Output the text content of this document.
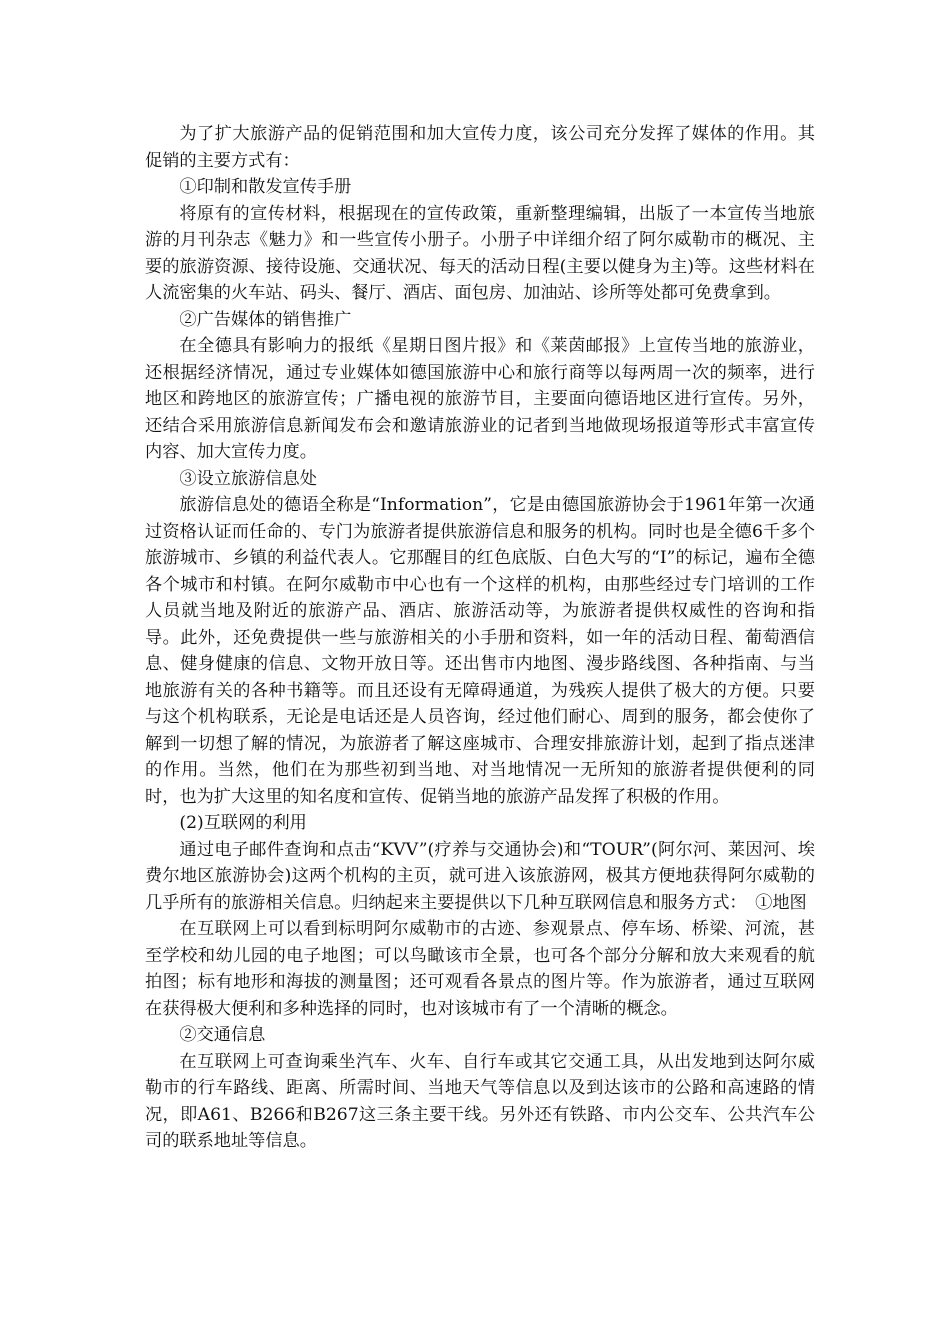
为了扩大旅游产品的促销范围和加大宣传力度，该公司充分发挥了媒体的作用。其促销的主要方式有：

①印制和散发宣传手册

将原有的宣传材料，根据现在的宣传政策，重新整理编辑，出版了一本宣传当地旅游的月刊杂志《魅力》和一些宣传小册子。小册子中详细介绍了阿尔威勒市的概况、主要的旅游资源、接待设施、交通状况、每天的活动日程(主要以健身为主)等。这些材料在人流密集的火车站、码头、餐厅、酒店、面包房、加油站、诊所等处都可免费拿到。

②广告媒体的销售推广

在全德具有影响力的报纸《星期日图片报》和《莱茵邮报》上宣传当地的旅游业，还根据经济情况，通过专业媒体如德国旅游中心和旅行商等以每两周一次的频率，进行地区和跨地区的旅游宣传；广播电视的旅游节目，主要面向德语地区进行宣传。另外，还结合采用旅游信息新闻发布会和邀请旅游业的记者到当地做现场报道等形式丰富宣传内容、加大宣传力度。

③设立旅游信息处

旅游信息处的德语全称是“Information”，它是由德国旅游协会于1961年第一次通过资格认证而任命的、专门为旅游者提供旅游信息和服务的机构。同时也是全德6千多个旅游城市、乡镇的利益代表人。它那醒目的红色底版、白色大写的“I”的标记，遍布全德各个城市和村镇。在阿尔威勒市中心也有一个这样的机构，由那些经过专门培训的工作人员就当地及附近的旅游产品、酒店、旅游活动等，为旅游者提供权威性的咨询和指导。此外，还免费提供一些与旅游相关的小手册和资料，如一年的活动日程、葡萄酒信息、健身健康的信息、文物开放日等。还出售市内地图、漫步路线图、各种指南、与当地旅游有关的各种书籍等。而且还设有无障碍通道，为残疾人提供了极大的方便。只要与这个机构联系，无论是电话还是人员咨询，经过他们耐心、周到的服务，都会使你了解到一切想了解的情况，为旅游者了解这座城市、合理安排旅游计划，起到了指点迷津的作用。当然，他们在为那些初到当地、对当地情况一无所知的旅游者提供便利的同时，也为扩大这里的知名度和宣传、促销当地的旅游产品发挥了积极的作用。

(2)互联网的利用

通过电子邮件查询和点击“KVV”(疗养与交通协会)和“TOUR”(阿尔河、莱因河、埃费尔地区旅游协会)这两个机构的主页，就可进入该旅游网，极其方便地获得阿尔威勒的几乎所有的旅游相关信息。归纳起来主要提供以下几种互联网信息和服务方式：　①地图

在互联网上可以看到标明阿尔威勒市的古迹、参观景点、停车场、桥梁、河流，甚至学校和幼儿园的电子地图；可以鸟瞰该市全景，也可各个部分分解和放大来观看的航拍图；标有地形和海拔的测量图；还可观看各景点的图片等。作为旅游者，通过互联网在获得极大便利和多种选择的同时，也对该城市有了一个清晰的概念。

②交通信息

在互联网上可查询乘坐汽车、火车、自行车或其它交通工具，从出发地到达阿尔威勒市的行车路线、距离、所需时间、当地天气等信息以及到达该市的公路和高速路的情况，即A61、B266和B267这三条主要干线。另外还有铁路、市内公交车、公共汽车公司的联系地址等信息。
